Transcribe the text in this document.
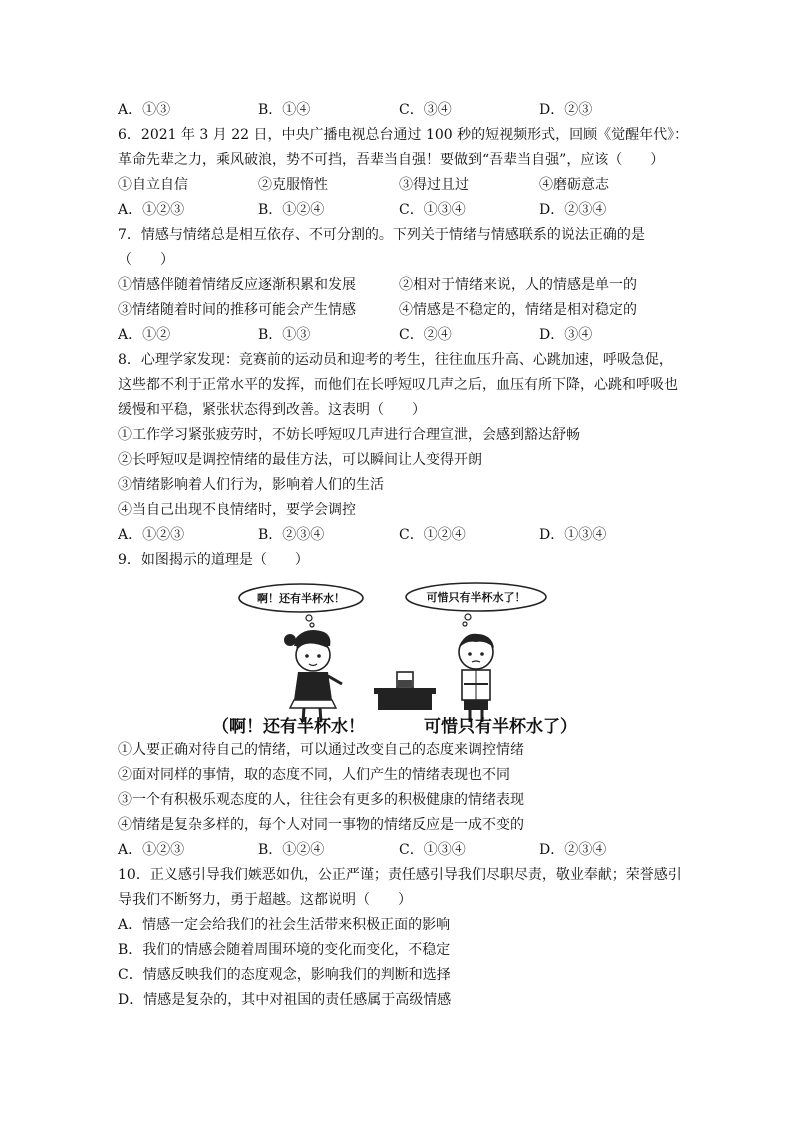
A．①③	B．①④	C．③④	D．②③
6．2021 年 3 月 22 日，中央广播电视总台通过 100 秒的短视频形式，回顾《觉醒年代》：
革命先辈之力，乘风破浪，势不可挡，吾辈当自强！要做到“吾辈当自强”，应该（　　）
①自立自信	②克服惰性	③得过且过	④磨砺意志
A．①②③	B．①②④	C．①③④	D．②③④
7．情感与情绪总是相互依存、不可分割的。下列关于情绪与情感联系的说法正确的是
（　　）
①情感伴随着情绪反应逐渐积累和发展	②相对于情绪来说，人的情感是单一的
③情绪随着时间的推移可能会产生情感	④情感是不稳定的，情绪是相对稳定的
A．①②	B．①③	C．②④	D．③④
8．心理学家发现：竞赛前的运动员和迎考的考生，往往血压升高、心跳加速，呼吸急促，
这些都不利于正常水平的发挥，而他们在长呼短叹几声之后，血压有所下降，心跳和呼吸也
缓慢和平稳，紧张状态得到改善。这表明（　　）
①工作学习紧张疲劳时，不妨长呼短叹几声进行合理宣泄，会感到豁达舒畅
②长呼短叹是调控情绪的最佳方法，可以瞬间让人变得开朗
③情绪影响着人们行为，影响着人们的生活
④当自己出现不良情绪时，要学会调控
A．①②③	B．②③④	C．①②④	D．①③④
9．如图揭示的道理是（　　）
啊！还有半杯水！	可惜只有半杯水了！
（啊！还有半杯水！	可惜只有半杯水了）
①人要正确对待自己的情绪，可以通过改变自己的态度来调控情绪
②面对同样的事情，取的态度不同，人们产生的情绪表现也不同
③一个有积极乐观态度的人，往往会有更多的积极健康的情绪表现
④情绪是复杂多样的，每个人对同一事物的情绪反应是一成不变的
A．①②③	B．①②④	C．①③④	D．②③④
10．正义感引导我们嫉恶如仇，公正严谨；责任感引导我们尽职尽责，敬业奉献；荣誉感引
导我们不断努力，勇于超越。这都说明（　　）
A．情感一定会给我们的社会生活带来积极正面的影响
B．我们的情感会随着周围环境的变化而变化，不稳定
C．情感反映我们的态度观念，影响我们的判断和选择
D．情感是复杂的，其中对祖国的责任感属于高级情感
